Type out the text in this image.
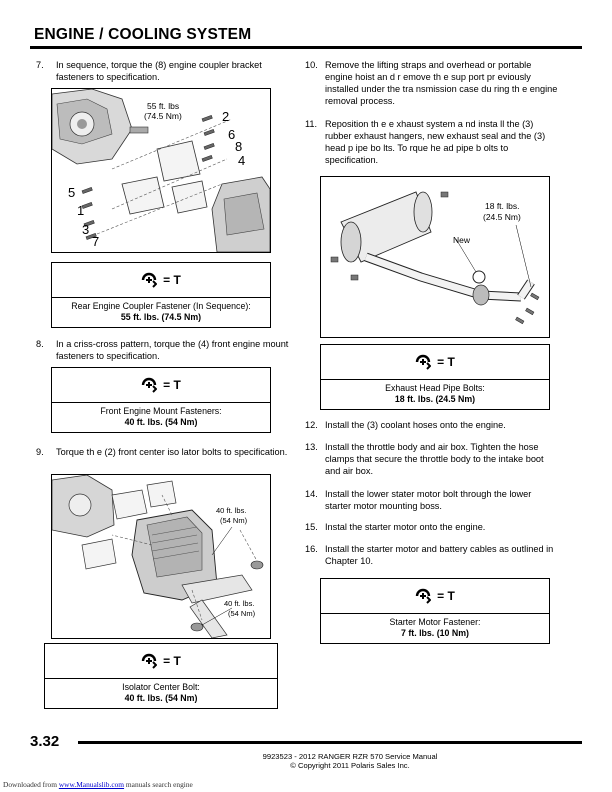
ENGINE / COOLING SYSTEM
7. In sequence, torque the (8) engine coupler bracket fasteners to specification.
55 ft. lbs
(74.5 Nm)	2
6
8
4
5
1
3
7
= T
Rear Engine Coupler Fastener (In Sequence):
55 ft. lbs. (74.5 Nm)
8. In a criss-cross pattern, torque the (4) front engine mount fasteners to specification.
= T
Front Engine Mount Fasteners:
40 ft. lbs. (54 Nm)
9. Torque th e (2) front center iso lator bolts to specification.
40 ft. lbs.
(54 Nm)
40 ft. lbs.
(54 Nm)
= T
Isolator Center Bolt:
40 ft. lbs. (54 Nm)
10. Remove the lifting straps and overhead or portable engine hoist an d r emove th e sup port pr eviously installed under the tra nsmission case du ring th e engine removal process.
11. Reposition th e e xhaust system a nd insta ll the (3) rubber exhaust hangers, new exhaust seal and the (3) head p ipe bo lts. To rque he ad pipe b olts to specification.
18 ft. lbs.
(24.5 Nm)
New
= T
Exhaust Head Pipe Bolts:
18 ft. lbs. (24.5 Nm)
12. Install the (3) coolant hoses onto the engine.
13. Install the throttle body and air box. Tighten the hose clamps that secure the throttle body to the intake boot and air box.
14. Install the lower stater motor bolt through the lower starter motor mounting boss.
15. Instal the starter motor onto the engine.
16. Install the starter motor and battery cables as outlined in Chapter 10.
= T
Starter Motor Fastener:
7 ft. lbs. (10 Nm)
3.32
9923523 - 2012 RANGER RZR 570 Service Manual
© Copyright 2011 Polaris Sales Inc.
Downloaded from www.Manualslib.com manuals search engine
